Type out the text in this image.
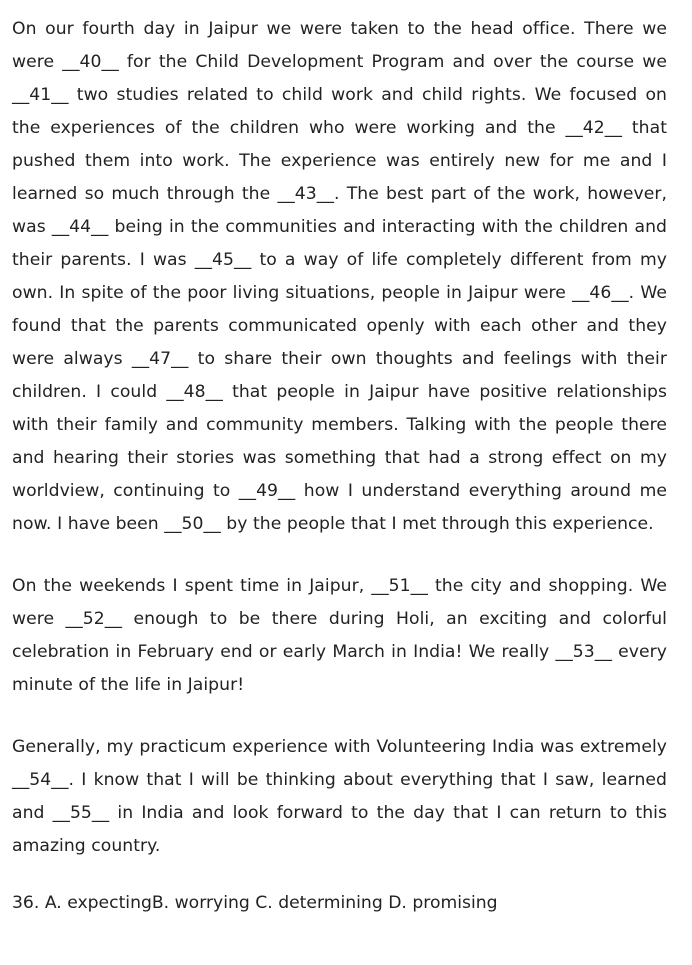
On our fourth day in Jaipur we were taken to the head office. There we were __40__ for the Child Development Program and over the course we __41__ two studies related to child work and child rights. We focused on the experiences of the children who were working and the __42__ that pushed them into work. The experience was entirely new for me and I learned so much through the __43__. The best part of the work, however, was __44__ being in the communities and interacting with the children and their parents. I was __45__ to a way of life completely different from my own. In spite of the poor living situations, people in Jaipur were __46__. We found that the parents communicated openly with each other and they were always __47__ to share their own thoughts and feelings with their children. I could __48__ that people in Jaipur have positive relationships with their family and community members. Talking with the people there and hearing their stories was something that had a strong effect on my worldview, continuing to __49__ how I understand everything around me now. I have been __50__ by the people that I met through this experience.

On the weekends I spent time in Jaipur, __51__ the city and shopping. We were __52__ enough to be there during Holi, an exciting and colorful celebration in February end or early March in India! We really __53__ every minute of the life in Jaipur!

Generally, my practicum experience with Volunteering India was extremely __54__. I know that I will be thinking about everything that I saw, learned and __55__ in India and look forward to the day that I can return to this amazing country.

36. A. expectingB. worrying C. determining D. promising
